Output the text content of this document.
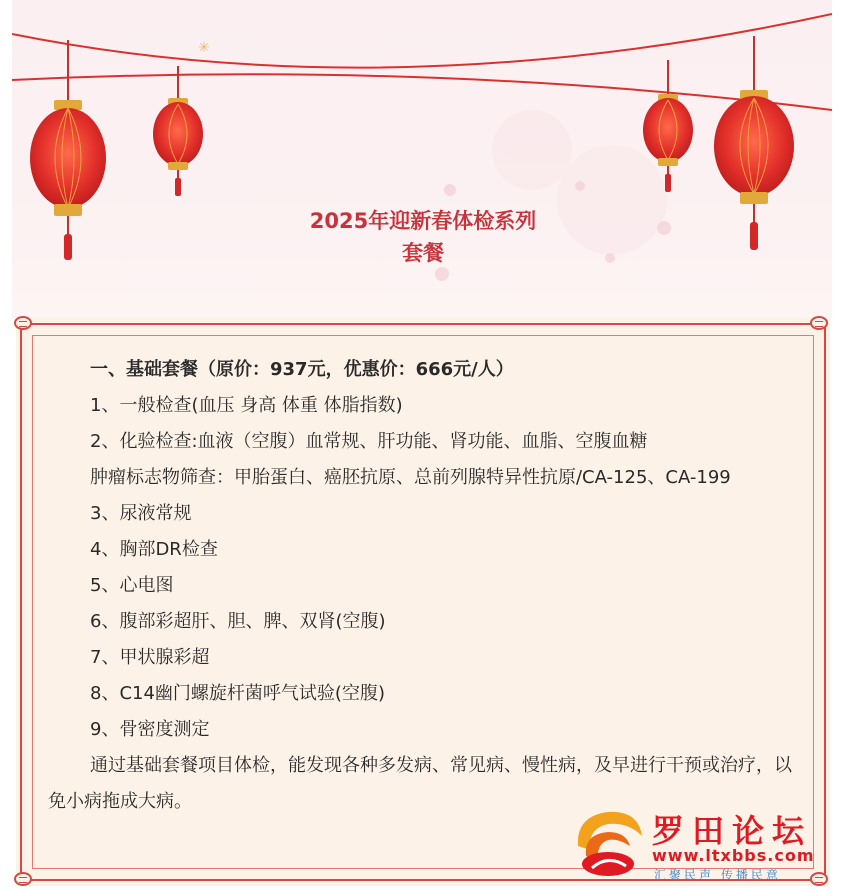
✳
2025年迎新春体检系列
套餐

一、基础套餐（原价：937元，优惠价：666元/人）

1、一般检查(血压 身高 体重 体脂指数)

2、化验检查:血液（空腹）血常规、肝功能、肾功能、血脂、空腹血糖

肿瘤标志物筛查：甲胎蛋白、癌胚抗原、总前列腺特异性抗原/CA-125、CA-199

3、尿液常规

4、胸部DR检查

5、心电图

6、腹部彩超肝、胆、脾、双肾(空腹)

7、甲状腺彩超

8、C14幽门螺旋杆菌呼气试验(空腹)

9、骨密度测定

通过基础套餐项目体检，能发现各种多发病、常见病、慢性病，及早进行干预或治疗，以免小病拖成大病。

罗田论坛
www.ltxbbs.com
汇聚民声 传播民意
